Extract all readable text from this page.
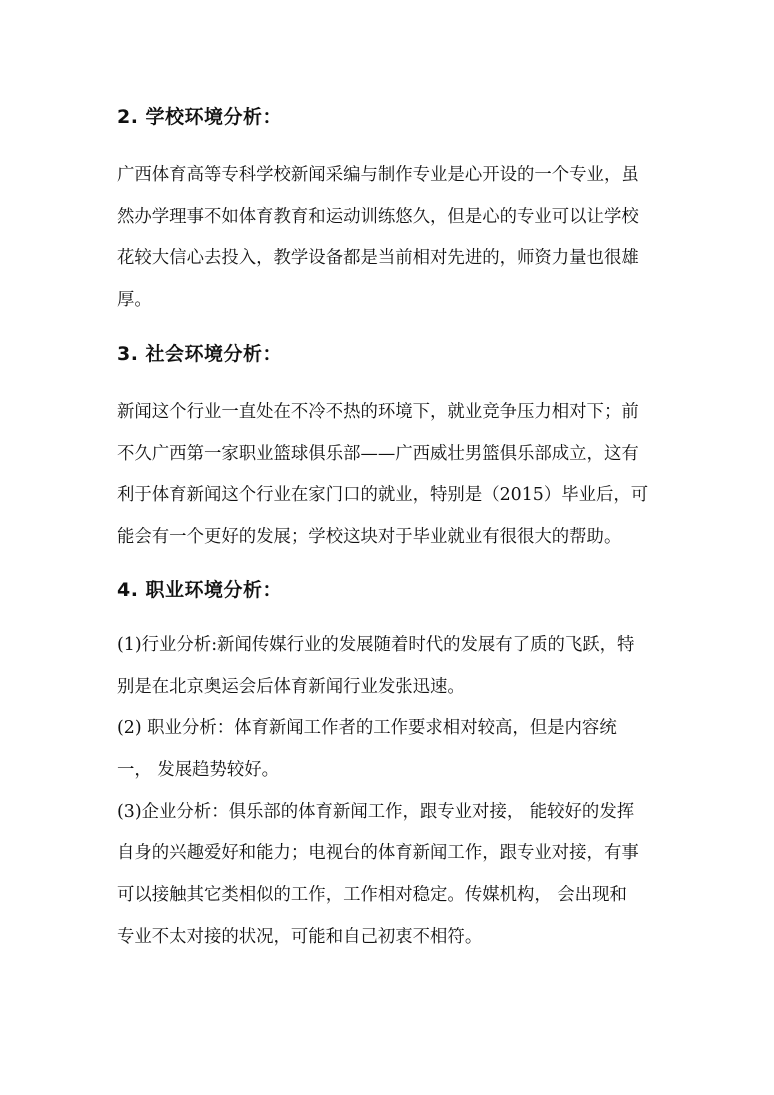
2. 学校环境分析：
广西体育高等专科学校新闻采编与制作专业是心开设的一个专业，虽
然办学理事不如体育教育和运动训练悠久，但是心的专业可以让学校
花较大信心去投入，教学设备都是当前相对先进的，师资力量也很雄
厚。
3. 社会环境分析：
新闻这个行业一直处在不冷不热的环境下，就业竞争压力相对下；前
不久广西第一家职业篮球俱乐部——广西威壮男篮俱乐部成立，这有
利于体育新闻这个行业在家门口的就业，特别是（2015）毕业后，可
能会有一个更好的发展；学校这块对于毕业就业有很很大的帮助。
4. 职业环境分析：
(1)行业分析:新闻传媒行业的发展随着时代的发展有了质的飞跃，特
别是在北京奥运会后体育新闻行业发张迅速。
(2) 职业分析：体育新闻工作者的工作要求相对较高，但是内容统
一， 发展趋势较好。
(3)企业分析：俱乐部的体育新闻工作，跟专业对接， 能较好的发挥
自身的兴趣爱好和能力；电视台的体育新闻工作，跟专业对接，有事
可以接触其它类相似的工作，工作相对稳定。传媒机构， 会出现和
专业不太对接的状况，可能和自己初衷不相符。
